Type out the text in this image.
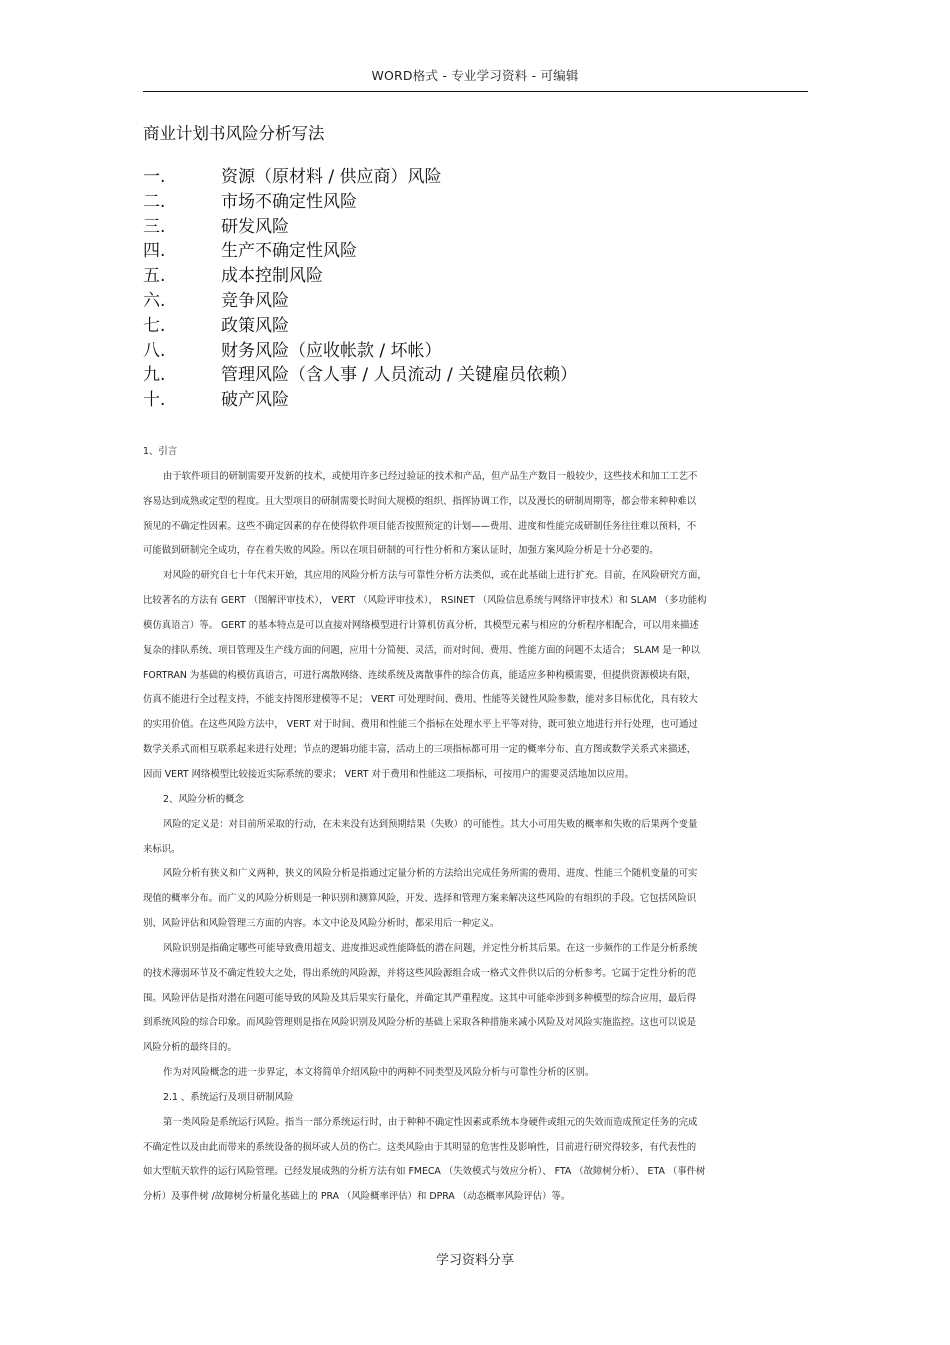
WORD格式 - 专业学习资料 - 可编辑
商业计划书风险分析写法
一.	资源（原材料 / 供应商）风险
二.	市场不确定性风险
三.	研发风险
四.	生产不确定性风险
五.	成本控制风险
六.	竞争风险
七.	政策风险
八.	财务风险（应收帐款 / 坏帐）
九.	管理风险（含人事 / 人员流动 / 关键雇员依赖）
十.	破产风险
1、引言
由于软件项目的研制需要开发新的技术，或使用许多已经过验证的技术和产品，但产品生产数目一般较少，这些技术和加工工艺不
容易达到成熟或定型的程度。且大型项目的研制需要长时间大规模的组织、指挥协调工作，以及漫长的研制周期等，都会带来种种难以
预见的不确定性因素。这些不确定因素的存在使得软件项目能否按照预定的计划——费用、进度和性能完成研制任务往往难以预料，不
可能做到研制完全成功，存在着失败的风险。所以在项目研制的可行性分析和方案认证时，加强方案风险分析是十分必要的。
对风险的研究自七十年代末开始，其应用的风险分析方法与可靠性分析方法类似，或在此基础上进行扩充。目前，在风险研究方面，
比较著名的方法有 GERT （图解评审技术）， VERT （风险评审技术）， RSINET （风险信息系统与网络评审技术）和 SLAM （多功能构
模仿真语言）等。 GERT 的基本特点是可以直接对网络模型进行计算机仿真分析，其模型元素与相应的分析程序相配合，可以用来描述
复杂的排队系统、项目管理及生产线方面的问题，应用十分简便、灵活，而对时间、费用、性能方面的问题不太适合； SLAM 是一种以
FORTRAN 为基础的构模仿真语言，可进行离散网络、连续系统及离散事件的综合仿真，能适应多种构模需要，但提供资源模块有限，
仿真不能进行全过程支持，不能支持图形建模等不足； VERT 可处理时间、费用、性能等关键性风险参数，能对多目标优化，具有较大
的实用价值。在这些风险方法中， VERT 对于时间、费用和性能三个指标在处理水平上平等对待，既可独立地进行并行处理，也可通过
数学关系式而相互联系起来进行处理；节点的逻辑功能丰富，活动上的三项指标都可用一定的概率分布、直方图或数学关系式来描述，
因而 VERT 网络模型比较接近实际系统的要求； VERT 对于费用和性能这二项指标，可按用户的需要灵活地加以应用。
2、风险分析的概念
风险的定义是：对目前所采取的行动，在未来没有达到预期结果（失败）的可能性。其大小可用失败的概率和失败的后果两个变量
来标识。
风险分析有狭义和广义两种，狭义的风险分析是指通过定量分析的方法给出完成任务所需的费用、进度、性能三个随机变量的可实
现值的概率分布。而广义的风险分析则是一种识别和测算风险，开发、选择和管理方案来解决这些风险的有组织的手段。它包括风险识
别、风险评估和风险管理三方面的内容。本文中论及风险分析时，都采用后一种定义。
风险识别是指确定哪些可能导致费用超支、进度推迟或性能降低的潜在问题，并定性分析其后果。在这一步频作的工作是分析系统
的技术薄弱环节及不确定性较大之处，得出系统的风险源，并将这些风险源组合成一格式文件供以后的分析参考。它属于定性分析的范
围。风险评估是指对潜在问题可能导致的风险及其后果实行量化，并确定其严重程度。这其中可能牵涉到多种模型的综合应用，最后得
到系统风险的综合印象。而风险管理则是指在风险识别及风险分析的基础上采取各种措施来减小风险及对风险实施监控。这也可以说是
风险分析的最终目的。
作为对风险概念的进一步界定，本文将简单介绍风险中的两种不同类型及风险分析与可靠性分析的区别。
2.1 、系统运行及项目研制风险
第一类风险是系统运行风险。指当一部分系统运行时，由于种种不确定性因素或系统本身硬件或组元的失效而造成预定任务的完成
不确定性以及由此而带来的系统设备的损坏或人员的伤亡。这类风险由于其明显的危害性及影响性，目前进行研究得较多，有代表性的
如大型航天软件的运行风险管理。已经发展成熟的分析方法有如 FMECA （失效模式与效应分析）、 FTA （故障树分析）、 ETA （事件树
分析）及事件树 /故障树分析量化基础上的 PRA （风险概率评估）和 DPRA （动态概率风险评估）等。
学习资料分享
